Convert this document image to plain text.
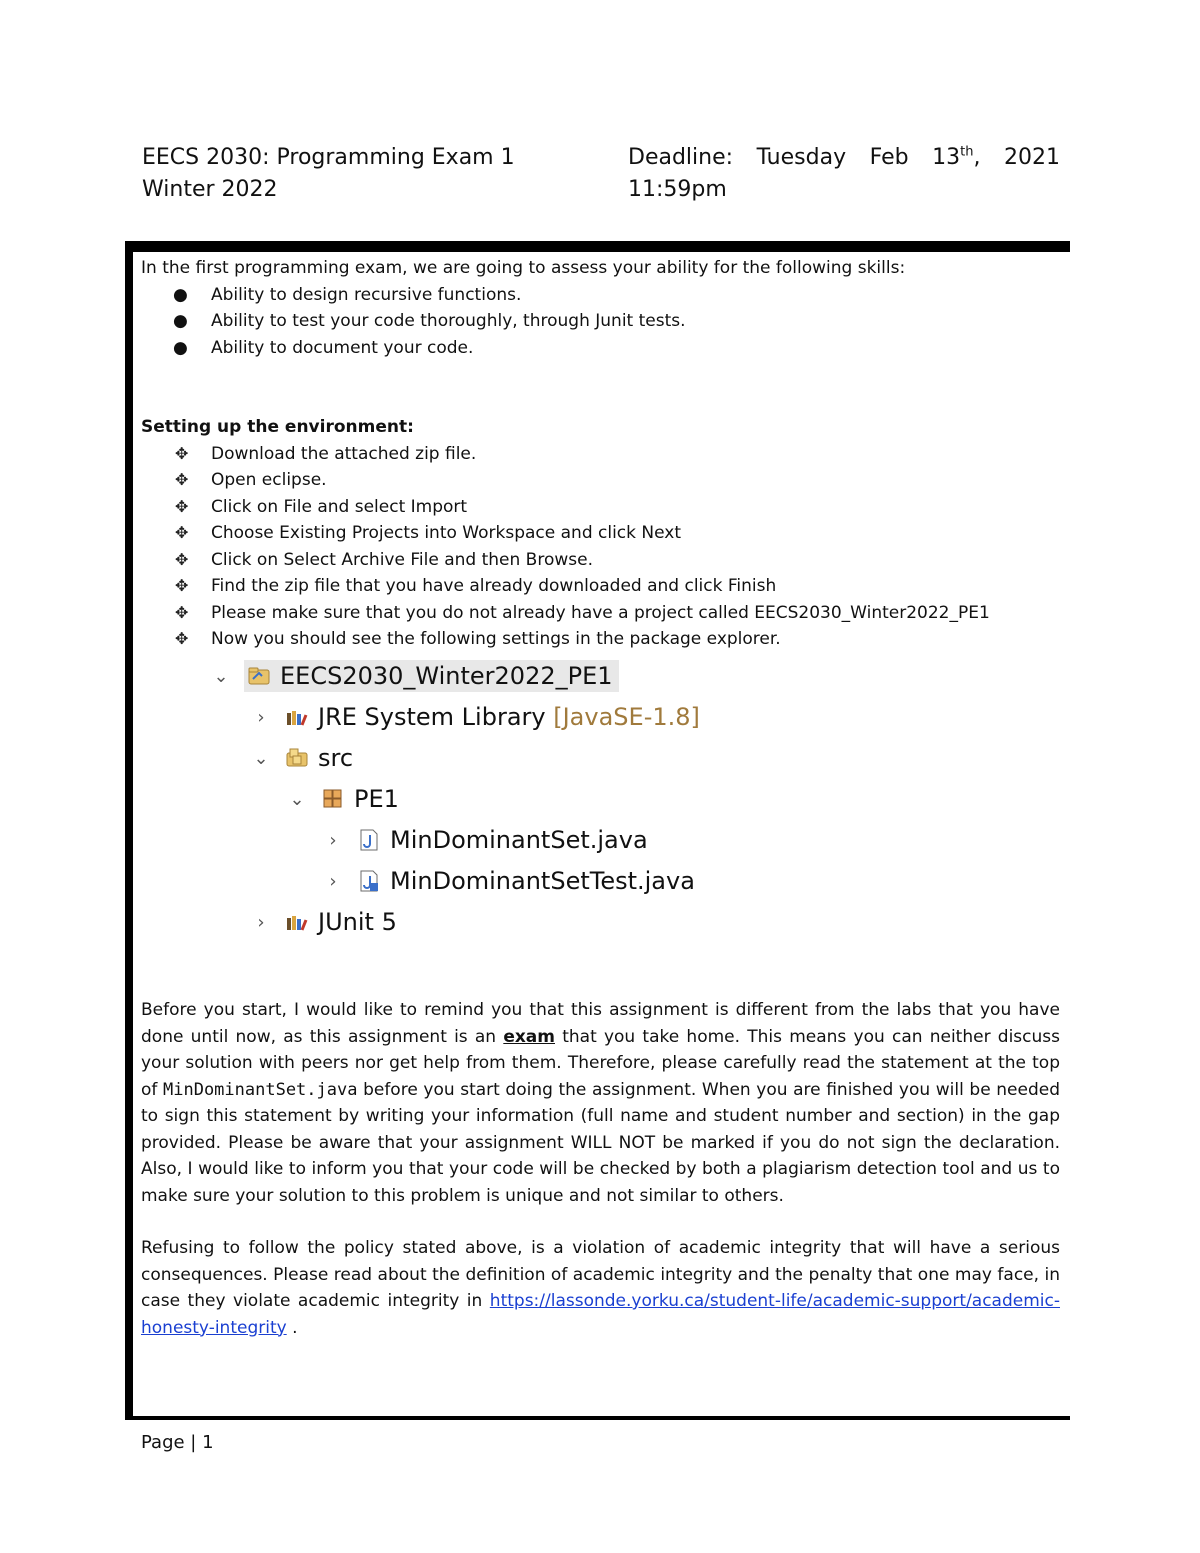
EECS 2030: Programming Exam 1
Winter 2022
Deadline: Tuesday Feb 13th, 2021
11:59pm

In the first programming exam, we are going to assess your ability for the following skills:

● Ability to design recursive functions.
● Ability to test your code thoroughly, through Junit tests.
● Ability to document your code.

Setting up the environment:

✥ Download the attached zip file.
✥ Open eclipse.
✥ Click on File and select Import
✥ Choose Existing Projects into Workspace and click Next
✥ Click on Select Archive File and then Browse.
✥ Find the zip file that you have already downloaded and click Finish
✥ Please make sure that you do not already have a project called EECS2030_Winter2022_PE1
✥ Now you should see the following settings in the package explorer.
⌄ EECS2030_Winter2022_PE1
›	JRE System Library
[JavaSE-1.8]
⌄ src
⌄ PE1
›	MinDominantSet.java
›	MinDominantSetTest.java
›	JUnit 5

Before you start, I would like to remind you that this assignment is different from the labs that you have done until now, as this assignment is an exam that you take home. This means you can neither discuss your solution with peers nor get help from them. Therefore, please carefully read the statement at the top of MinDominantSet.java before you start doing the assignment. When you are finished you will be needed to sign this statement by writing your information (full name and student number and section) in the gap provided. Please be aware that your assignment WILL NOT be marked if you do not sign the declaration. Also, I would like to inform you that your code will be checked by both a plagiarism detection tool and us to make sure your solution to this problem is unique and not similar to others.

Refusing to follow the policy stated above, is a violation of academic integrity that will have a serious consequences. Please read about the definition of academic integrity and the penalty that one may face, in case they violate academic integrity in https://lassonde.yorku.ca/student-life/academic-support/academic-honesty-integrity .

Page | 1
